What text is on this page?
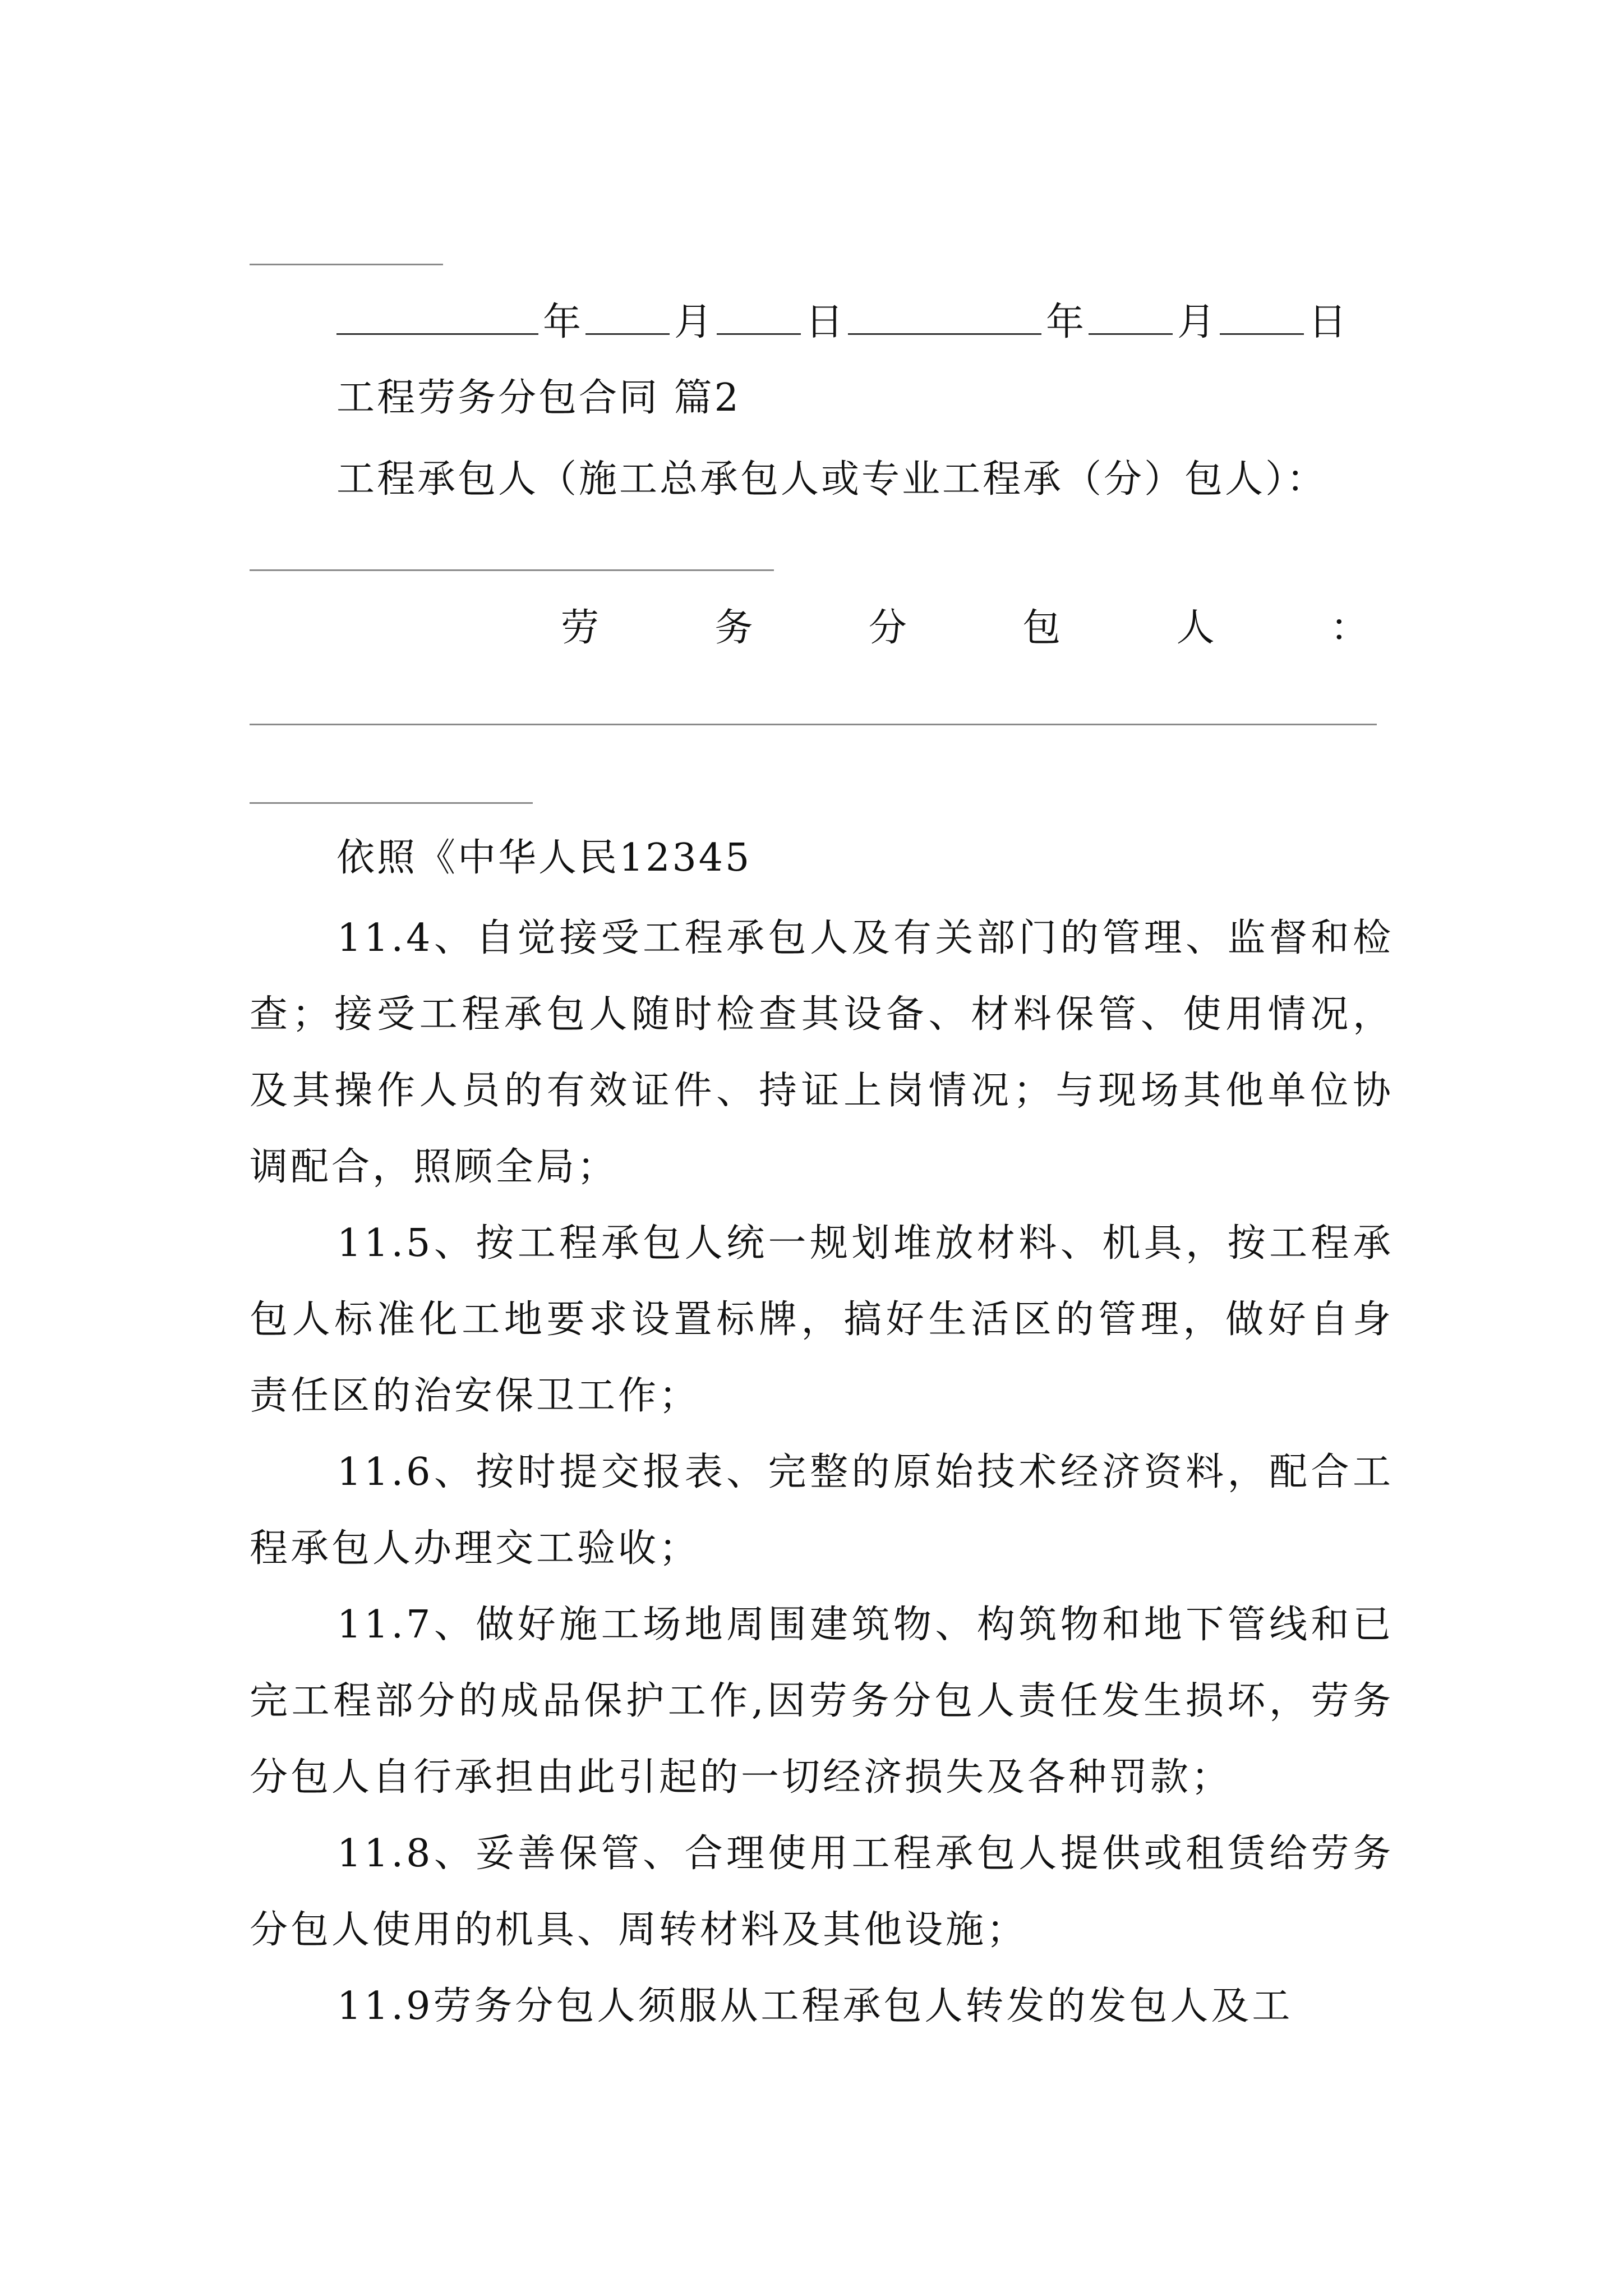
年 月 日	年 月 日
工程劳务分包合同 篇2
工程承包人（施工总承包人或专业工程承（分）包人）：
劳	务	分	包	人	：
依照《中华人民12345

11.4、自觉接受工程承包人及有关部门的管理、监督和检查；接受工程承包人随时检查其设备、材料保管、使用情况，及其操作人员的有效证件、持证上岗情况；与现场其他单位协调配合，照顾全局；

11.5、按工程承包人统一规划堆放材料、机具，按工程承包人标准化工地要求设置标牌，搞好生活区的管理，做好自身责任区的治安保卫工作；

11.6、按时提交报表、完整的原始技术经济资料，配合工程承包人办理交工验收；

11.7、做好施工场地周围建筑物、构筑物和地下管线和已完工程部分的成品保护工作,因劳务分包人责任发生损坏，劳务分包人自行承担由此引起的一切经济损失及各种罚款；

11.8、妥善保管、合理使用工程承包人提供或租赁给劳务分包人使用的机具、周转材料及其他设施；

11.9劳务分包人须服从工程承包人转发的发包人及工
